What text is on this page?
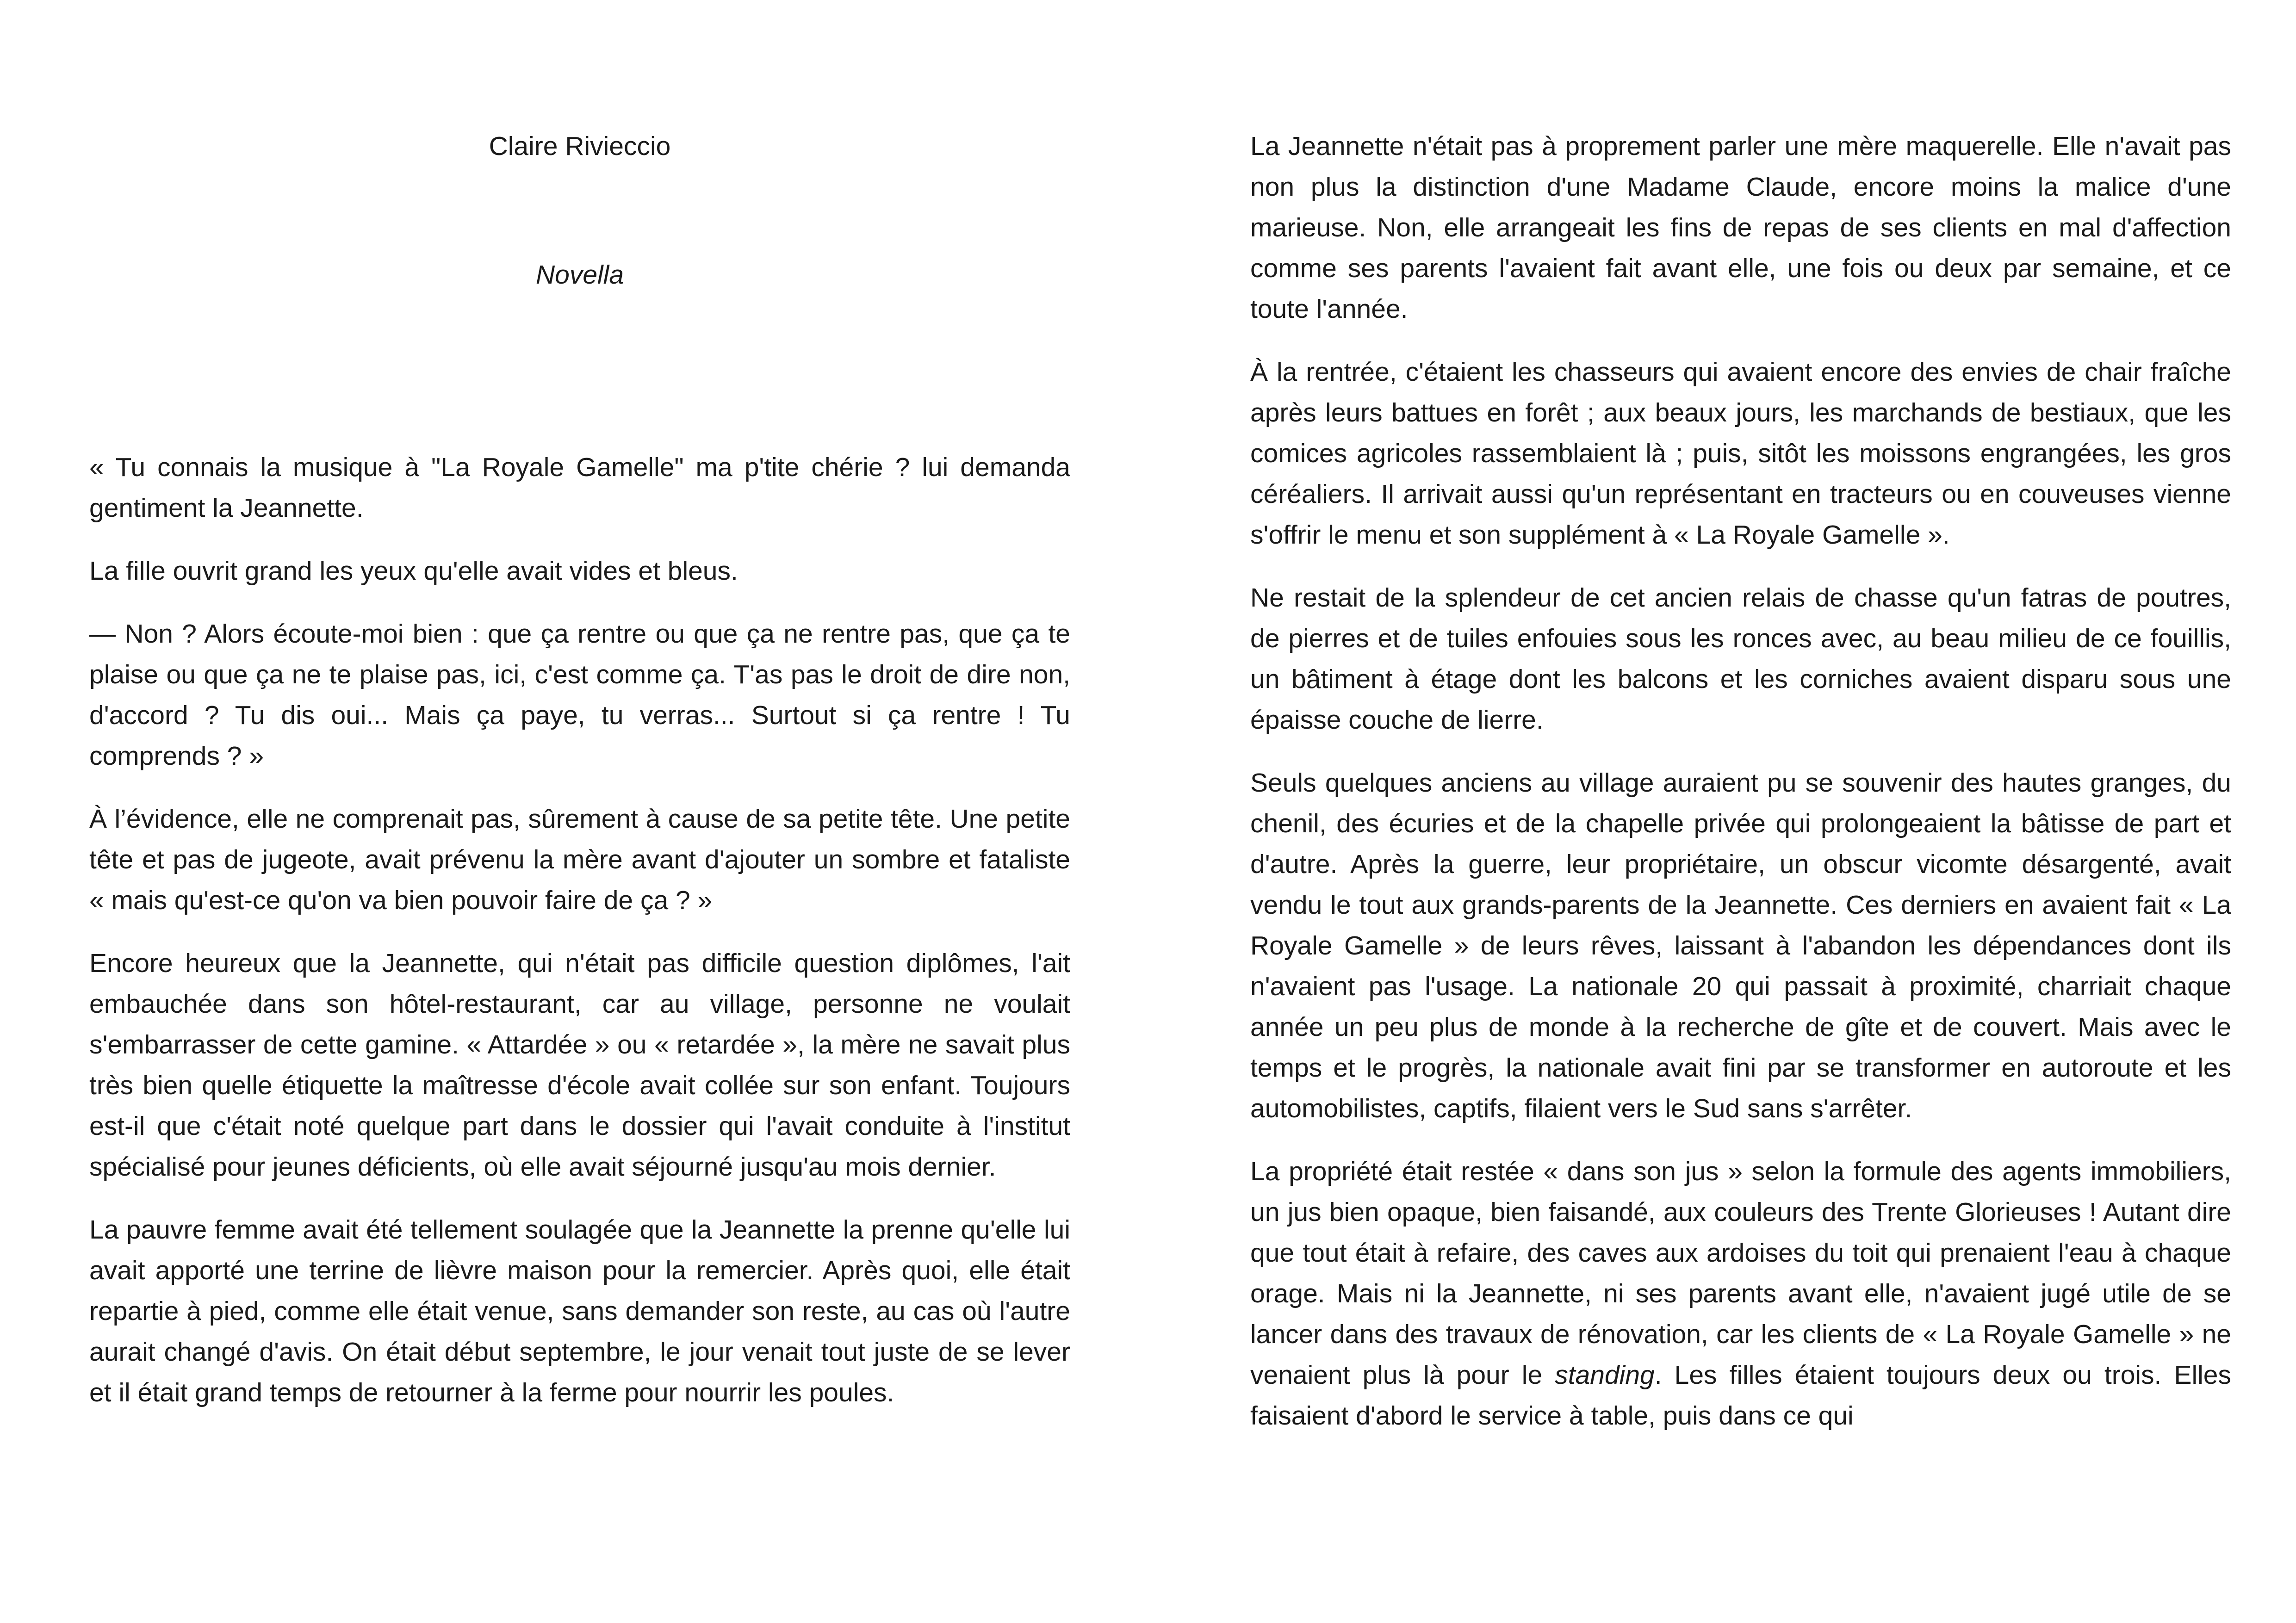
Claire Rivieccio
Novella

« Tu connais la musique à "La Royale Gamelle" ma p'tite chérie ? lui demanda gentiment la Jeannette.

La fille ouvrit grand les yeux qu'elle avait vides et bleus.

— Non ? Alors écoute-moi bien : que ça rentre ou que ça ne rentre pas, que ça te plaise ou que ça ne te plaise pas, ici, c'est comme ça. T'as pas le droit de dire non, d'accord ? Tu dis oui... Mais ça paye, tu verras... Surtout si ça rentre ! Tu comprends ? »

À l’évidence, elle ne comprenait pas, sûrement à cause de sa petite tête. Une petite tête et pas de jugeote, avait prévenu la mère avant d'ajouter un sombre et fataliste « mais qu'est-ce qu'on va bien pouvoir faire de ça ? »

Encore heureux que la Jeannette, qui n'était pas difficile question diplômes, l'ait embauchée dans son hôtel-restaurant, car au village, personne ne voulait s'embarrasser de cette gamine. « Attardée » ou « retardée », la mère ne savait plus très bien quelle étiquette la maîtresse d'école avait collée sur son enfant. Toujours est-il que c'était noté quelque part dans le dossier qui l'avait conduite à l'institut spécialisé pour jeunes déficients, où elle avait séjourné jusqu'au mois dernier.

La pauvre femme avait été tellement soulagée que la Jeannette la prenne qu'elle lui avait apporté une terrine de lièvre maison pour la remercier. Après quoi, elle était repartie à pied, comme elle était venue, sans demander son reste, au cas où l'autre aurait changé d'avis. On était début septembre, le jour venait tout juste de se lever et il était grand temps de retourner à la ferme pour nourrir les poules.

La Jeannette n'était pas à proprement parler une mère maquerelle. Elle n'avait pas non plus la distinction d'une Madame Claude, encore moins la malice d'une marieuse. Non, elle arrangeait les fins de repas de ses clients en mal d'affection comme ses parents l'avaient fait avant elle, une fois ou deux par semaine, et ce toute l'année.

À la rentrée, c'étaient les chasseurs qui avaient encore des envies de chair fraîche après leurs battues en forêt ; aux beaux jours, les marchands de bestiaux, que les comices agricoles rassemblaient là ; puis, sitôt les moissons engrangées, les gros céréaliers. Il arrivait aussi qu'un représentant en tracteurs ou en couveuses vienne s'offrir le menu et son supplément à « La Royale Gamelle ».

Ne restait de la splendeur de cet ancien relais de chasse qu'un fatras de poutres, de pierres et de tuiles enfouies sous les ronces avec, au beau milieu de ce fouillis, un bâtiment à étage dont les balcons et les corniches avaient disparu sous une épaisse couche de lierre.

Seuls quelques anciens au village auraient pu se souvenir des hautes granges, du chenil, des écuries et de la chapelle privée qui prolongeaient la bâtisse de part et d'autre. Après la guerre, leur propriétaire, un obscur vicomte désargenté, avait vendu le tout aux grands-parents de la Jeannette. Ces derniers en avaient fait « La Royale Gamelle » de leurs rêves, laissant à l'abandon les dépendances dont ils n'avaient pas l'usage. La nationale 20 qui passait à proximité, charriait chaque année un peu plus de monde à la recherche de gîte et de couvert. Mais avec le temps et le progrès, la nationale avait fini par se transformer en autoroute et les automobilistes, captifs, filaient vers le Sud sans s'arrêter.

La propriété était restée « dans son jus » selon la formule des agents immobiliers, un jus bien opaque, bien faisandé, aux couleurs des Trente Glorieuses ! Autant dire que tout était à refaire, des caves aux ardoises du toit qui prenaient l'eau à chaque orage. Mais ni la Jeannette, ni ses parents avant elle, n'avaient jugé utile de se lancer dans des travaux de rénovation, car les clients de « La Royale Gamelle » ne venaient plus là pour le standing. Les filles étaient toujours deux ou trois. Elles faisaient d'abord le service à table, puis dans ce qui
